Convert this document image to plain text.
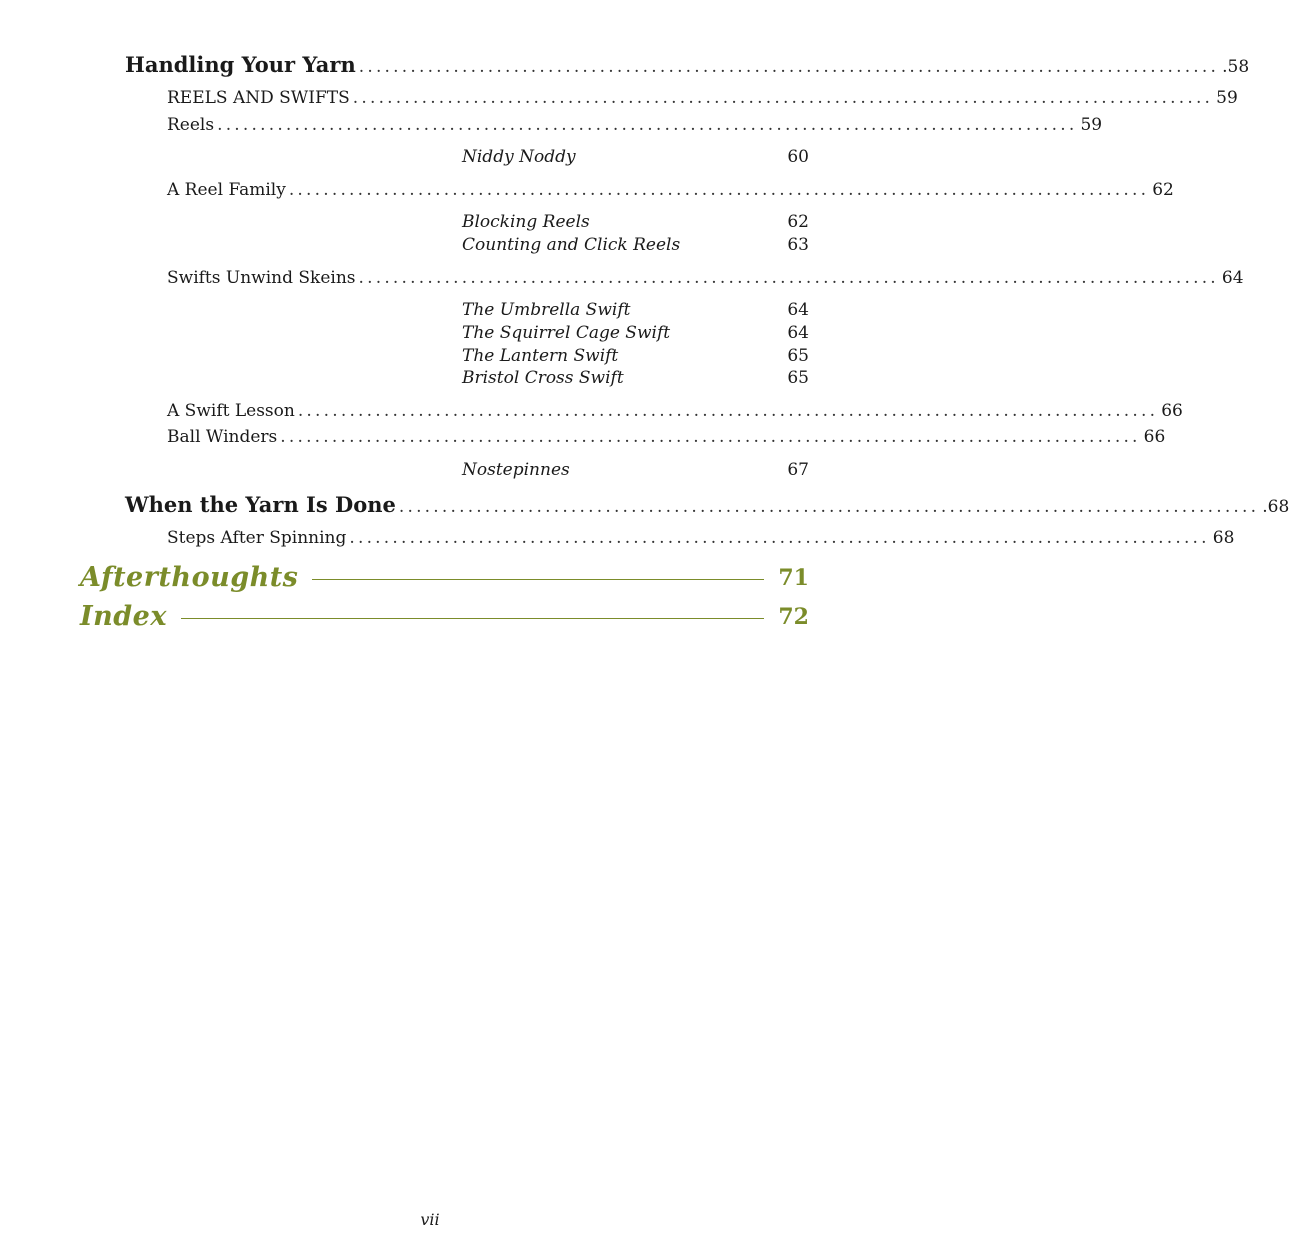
Handling Your Yarn .................................................................................................... .58
REELS AND SWIFTS .................................................................................................... 59
Reels .................................................................................................... 59
Niddy Noddy	60
A Reel Family .................................................................................................... 62
Blocking Reels	62
Counting and Click Reels	63
Swifts Unwind Skeins .................................................................................................... 64
The Umbrella Swift	64
The Squirrel Cage Swift	64
The Lantern Swift	65
Bristol Cross Swift	65
A Swift Lesson .................................................................................................... 66
Ball Winders .................................................................................................... 66
Nostepinnes	67
When the Yarn Is Done .................................................................................................... .68
Steps After Spinning .................................................................................................... 68
Afterthoughts	71
Index	72
vii
